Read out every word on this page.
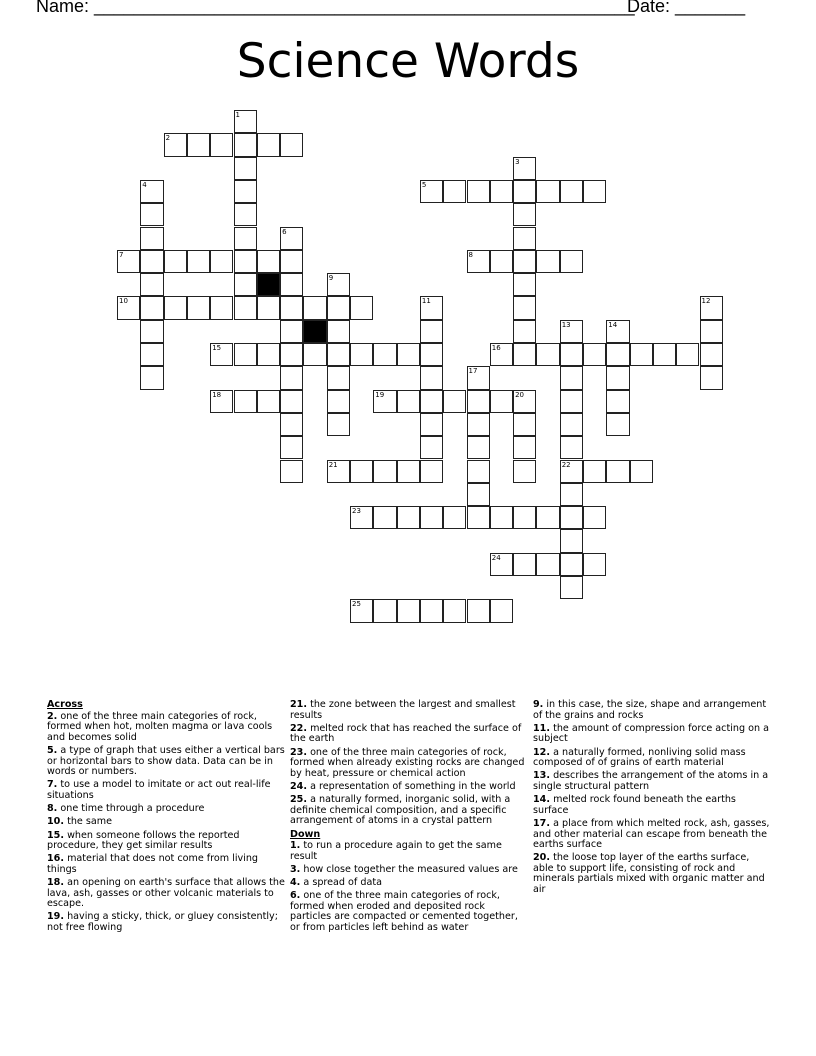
Name: ______________________________________________________
Date: _______
Science Words
2
5
7	8
10
15	16
18	19	20
21	22
23
24
25
1
3
4
6
9
11	12
13	14
17
Across
2. one of the three main categories of rock, formed when hot, molten magma or lava cools and becomes solid
5. a type of graph that uses either a vertical bars or horizontal bars to show data. Data can be in words or numbers.
7. to use a model to imitate or act out real-life situations
8. one time through a procedure
10. the same
15. when someone follows the reported procedure, they get similar results
16. material that does not come from living things
18. an opening on earth's surface that allows the lava, ash, gasses or other volcanic materials to escape.
19. having a sticky, thick, or gluey consistently; not free flowing
21. the zone between the largest and smallest results
22. melted rock that has reached the surface of the earth
23. one of the three main categories of rock, formed when already existing rocks are changed by heat, pressure or chemical action
24. a representation of something in the world
25. a naturally formed, inorganic solid, with a definite chemical composition, and a specific arrangement of atoms in a crystal pattern
Down
1. to run a procedure again to get the same result
3. how close together the measured values are
4. a spread of data
6. one of the three main categories of rock, formed when eroded and deposited rock particles are compacted or cemented together, or from particles left behind as water
9. in this case, the size, shape and arrangement of the grains and rocks
11. the amount of compression force acting on a subject
12. a naturally formed, nonliving solid mass composed of of grains of earth material
13. describes the arrangement of the atoms in a single structural pattern
14. melted rock found beneath the earths surface
17. a place from which melted rock, ash, gasses, and other material can escape from beneath the earths surface
20. the loose top layer of the earths surface, able to support life, consisting of rock and minerals partials mixed with organic matter and air
